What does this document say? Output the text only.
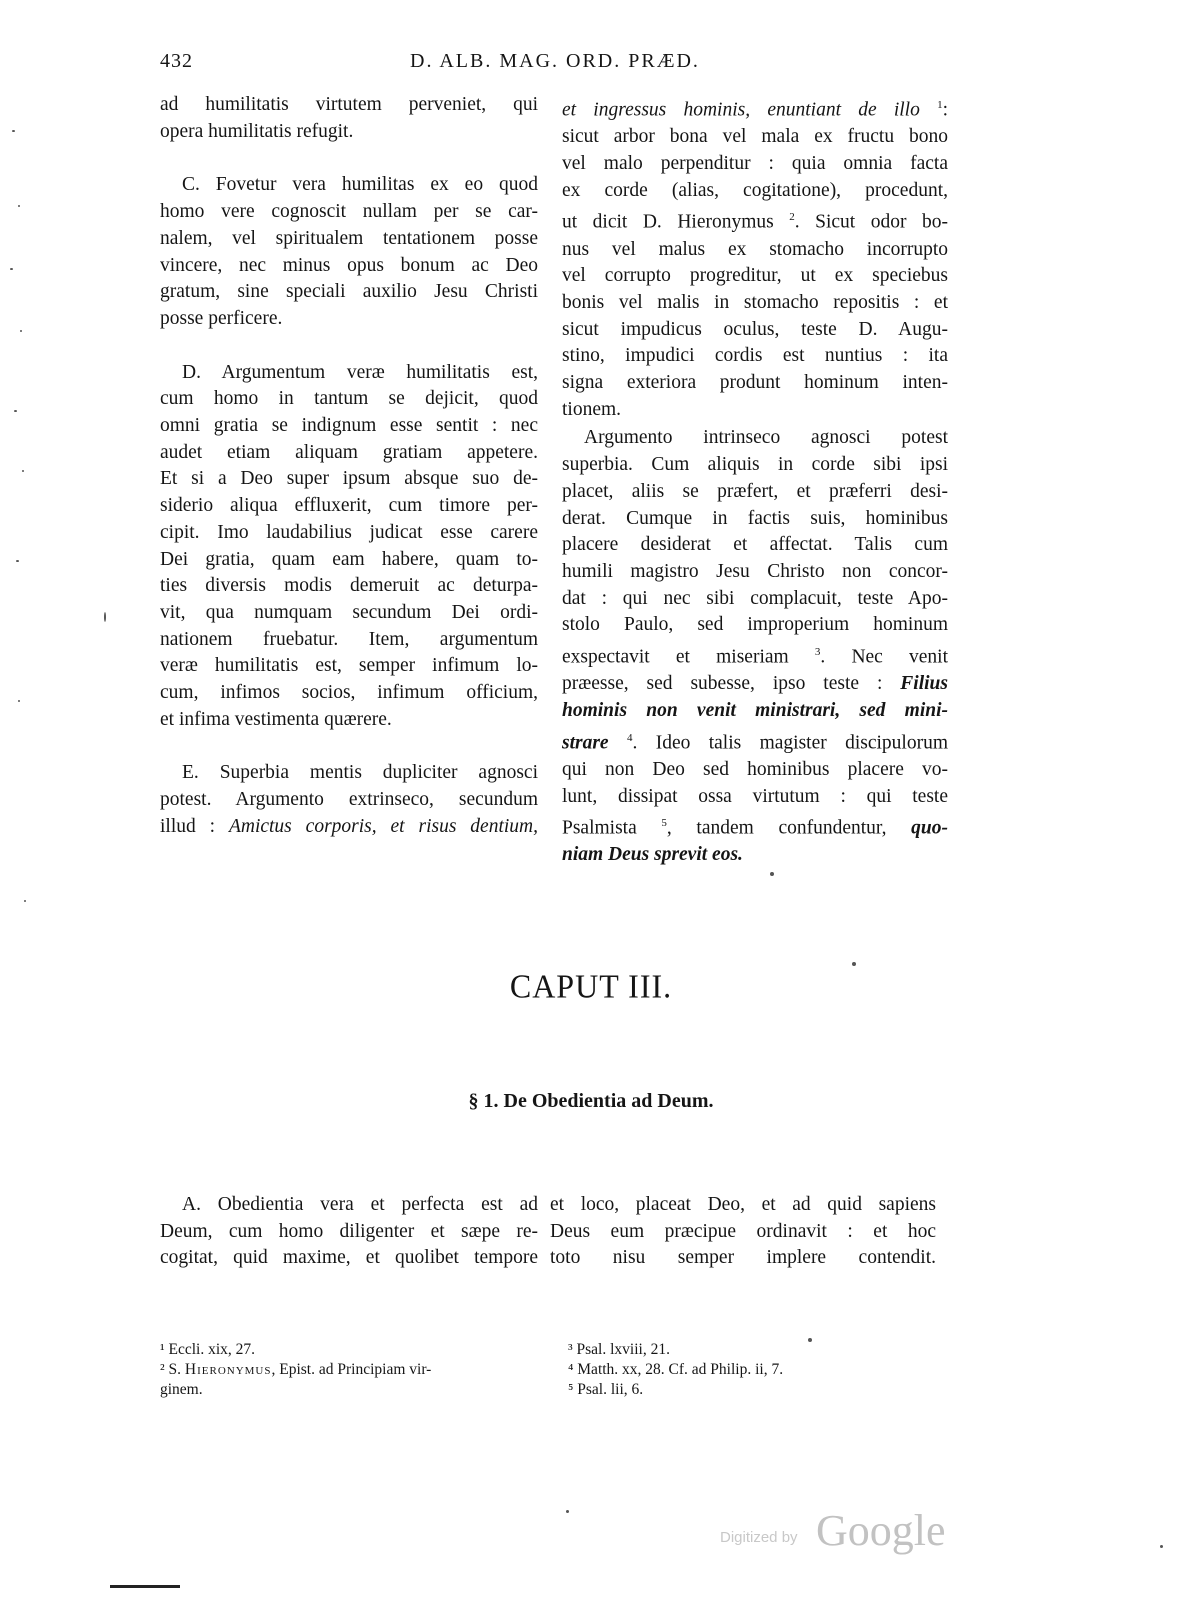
432	D. ALB. MAG. ORD. PRÆD.

ad humilitatis virtutem perveniet, qui
opera humilitatis refugit.

C. Fovetur vera humilitas ex eo quod
homo vere cognoscit nullam per se car-
nalem, vel spiritualem tentationem posse
vincere, nec minus opus bonum ac Deo
gratum, sine speciali auxilio Jesu Christi
posse perficere.

D. Argumentum veræ humilitatis est,
cum homo in tantum se dejicit, quod
omni gratia se indignum esse sentit : nec
audet etiam aliquam gratiam appetere.
Et si a Deo super ipsum absque suo de-
siderio aliqua effluxerit, cum timore per-
cipit. Imo laudabilius judicat esse carere
Dei gratia, quam eam habere, quam to-
ties diversis modis demeruit ac deturpa-
vit, qua numquam secundum Dei ordi-
nationem fruebatur. Item, argumentum
veræ humilitatis est, semper infimum lo-
cum, infimos socios, infimum officium,
et infima vestimenta quærere.

E. Superbia mentis dupliciter agnosci
potest. Argumento extrinseco, secundum
illud : Amictus corporis, et risus dentium,

et ingressus hominis, enuntiant de illo $^1$:
sicut arbor bona vel mala ex fructu bono
vel malo perpenditur : quia omnia facta
ex corde (alias, cogitatione), procedunt,
ut dicit D. Hieronymus $^2$. Sicut odor bo-
nus vel malus ex stomacho incorrupto
vel corrupto progreditur, ut ex speciebus
bonis vel malis in stomacho repositis : et
sicut impudicus oculus, teste D. Augu-
stino, impudici cordis est nuntius : ita
signa exteriora produnt hominum inten-
tionem.

Argumento intrinseco agnosci potest
superbia. Cum aliquis in corde sibi ipsi
placet, aliis se præfert, et præferri desi-
derat. Cumque in factis suis, hominibus
placere desiderat et affectat. Talis cum
humili magistro Jesu Christo non concor-
dat : qui nec sibi complacuit, teste Apo-
stolo Paulo, sed improperium hominum
exspectavit et miseriam $^3$. Nec venit
præesse, sed subesse, ipso teste : Filius
hominis non venit ministrari, sed mini-
strare $^4$. Ideo talis magister discipulorum
qui non Deo sed hominibus placere vo-
lunt, dissipat ossa virtutum : qui teste
Psalmista $^5$, tandem confundentur, quo-
niam Deus sprevit eos.

CAPUT III.
§ 1. De Obedientia ad Deum.

A. Obedientia vera et perfecta est ad
Deum, cum homo diligenter et sæpe re-
cogitat, quid maxime, et quolibet tempore

et loco, placeat Deo, et ad quid sapiens
Deus eum præcipue ordinavit : et hoc
toto nisu semper implere contendit.

¹ Eccli. xix, 27.
² S. Hieronymus, Epist. ad Principiam vir-
ginem.
³ Psal. lxviii, 21.
⁴ Matth. xx, 28. Cf. ad Philip. ii, 7.
⁵ Psal. lii, 6.
Digitized by Google
